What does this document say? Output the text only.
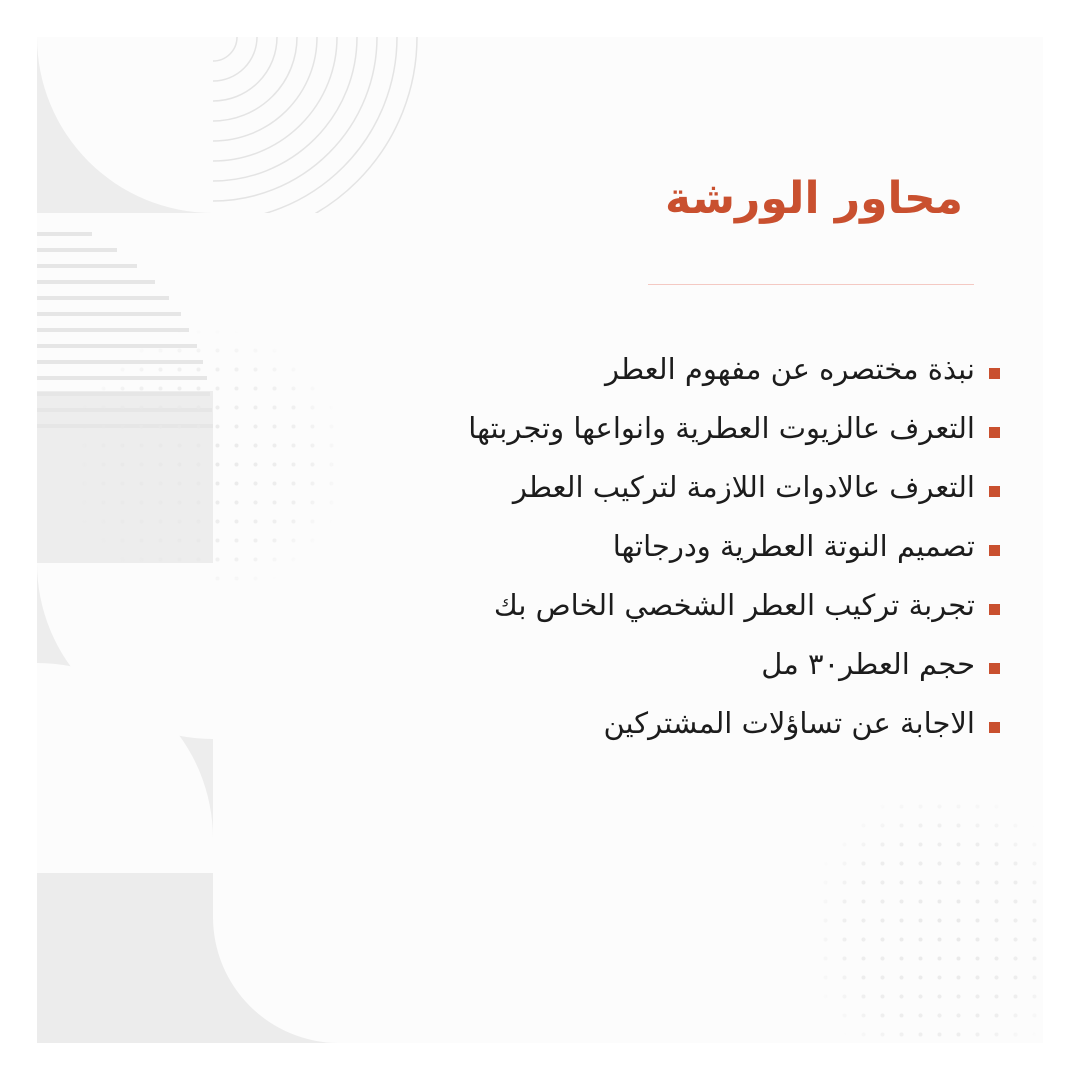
محاور الورشة
نبذة مختصره عن مفهوم العطر
التعرف عالزيوت العطرية وانواعها وتجربتها
التعرف عالادوات اللازمة لتركيب العطر
تصميم النوتة العطرية ودرجاتها
تجربة تركيب العطر الشخصي الخاص بك
حجم العطر٣٠ مل
الاجابة عن تساؤلات المشتركين
